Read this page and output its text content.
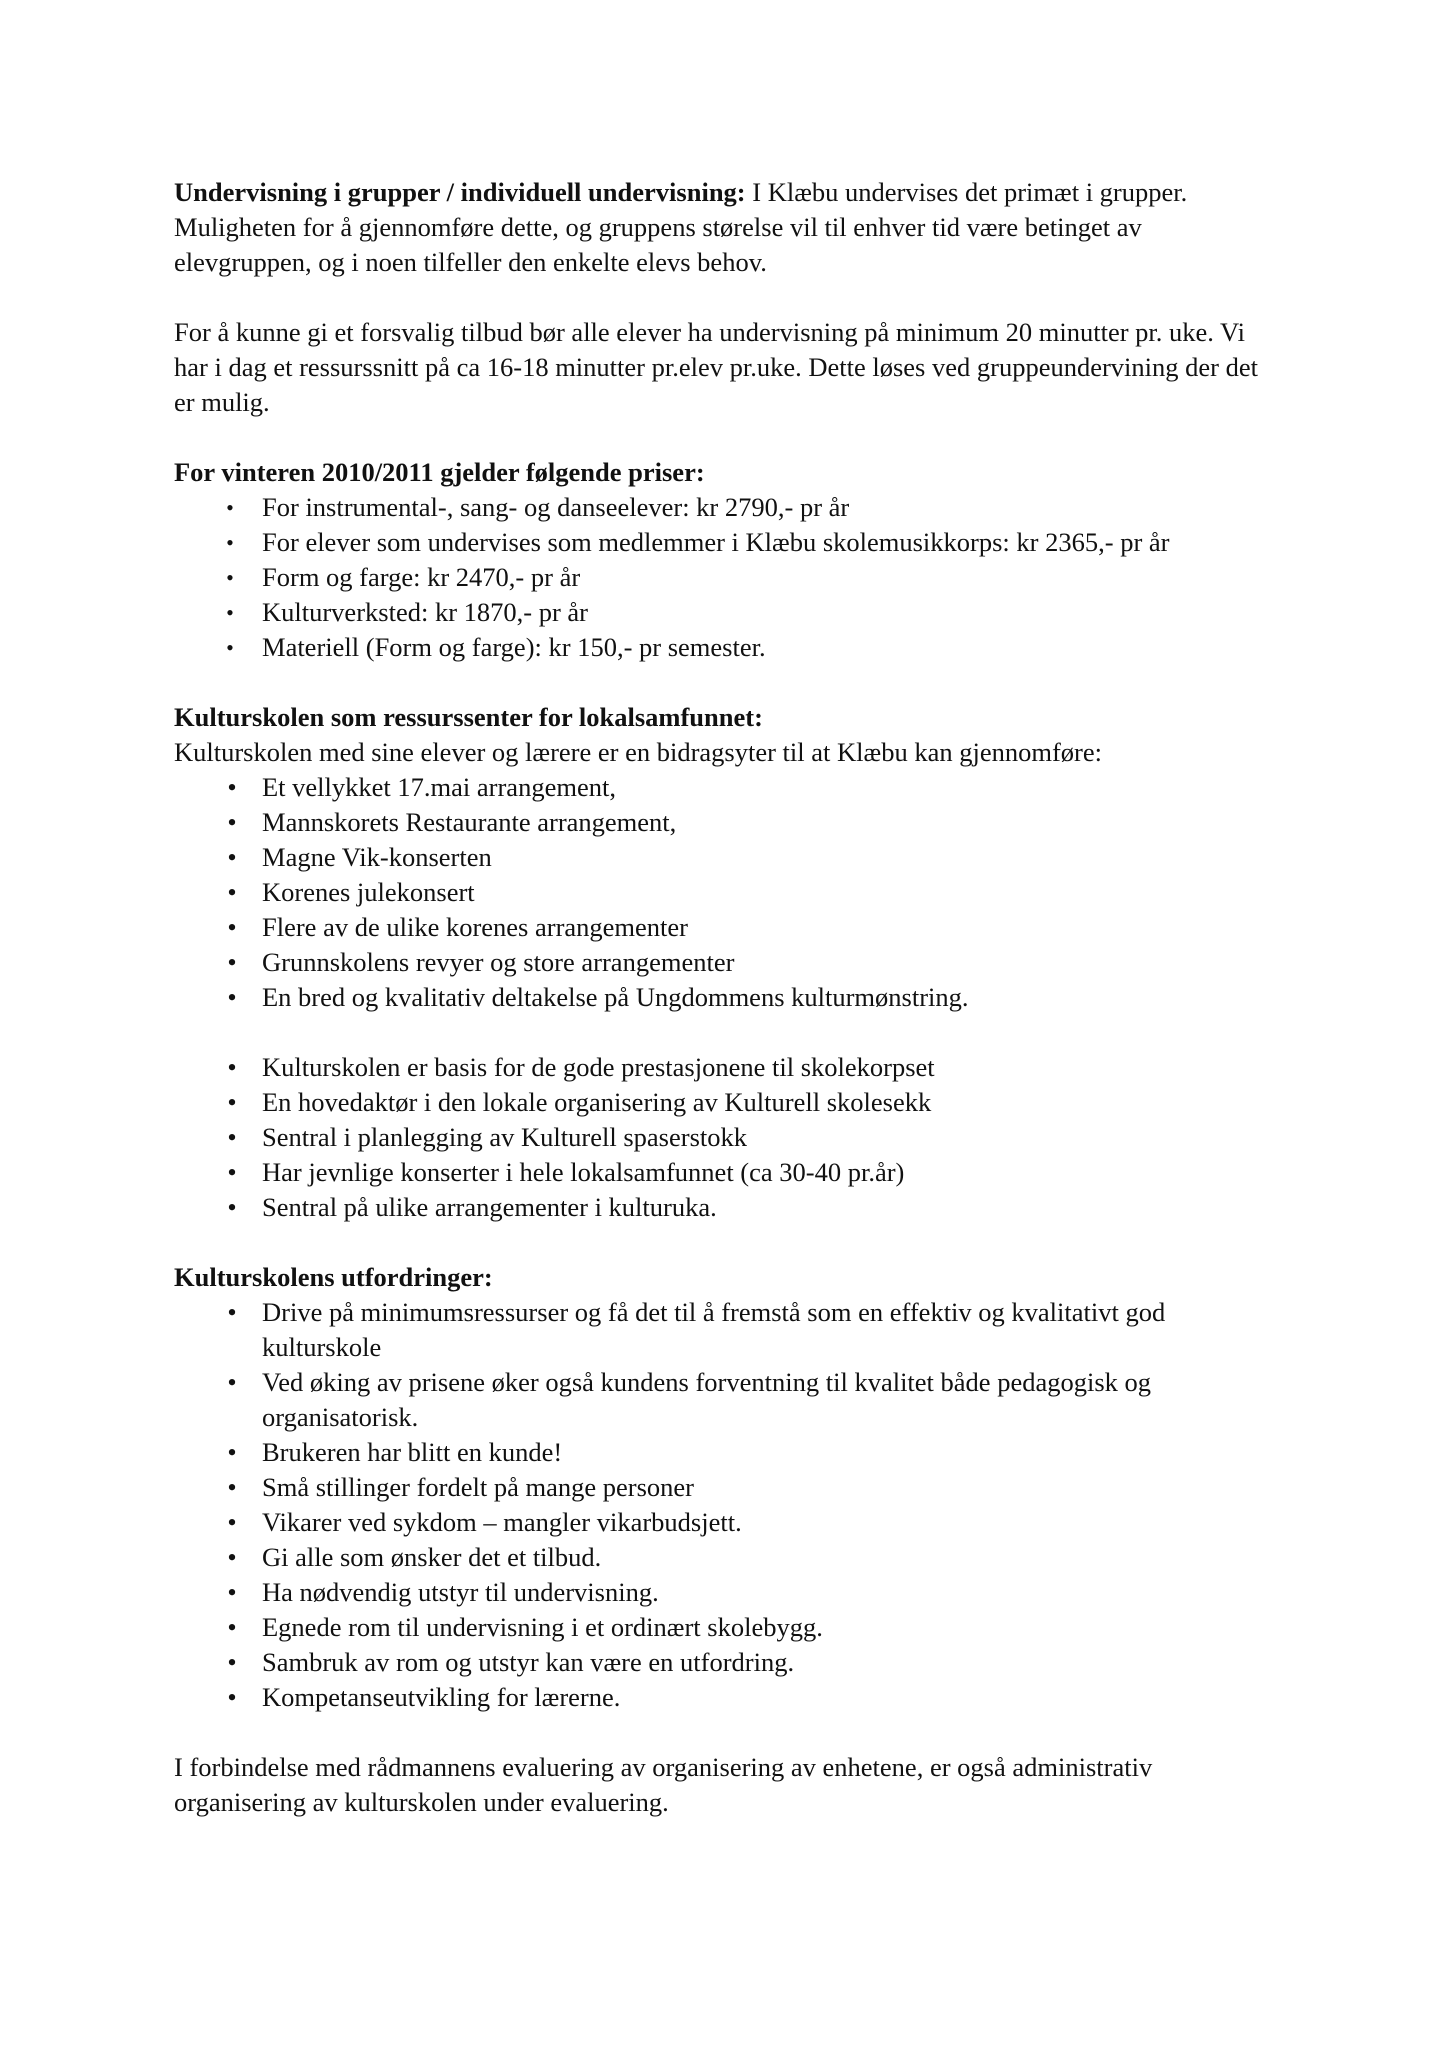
Undervisning i grupper / individuell undervisning: I Klæbu undervises det primæt i grupper. Muligheten for å gjennomføre dette, og gruppens størelse vil til enhver tid være betinget av elevgruppen, og i noen tilfeller den enkelte elevs behov.

For å kunne gi et forsvalig tilbud bør alle elever ha undervisning på minimum 20 minutter pr. uke. Vi har i dag et ressurssnitt på ca 16-18 minutter pr.elev pr.uke. Dette løses ved gruppeundervining der det er mulig.

For vinteren 2010/2011 gjelder følgende priser:

• For instrumental-, sang- og danseelever: kr 2790,- pr år
• For elever som undervises som medlemmer i Klæbu skolemusikkorps: kr 2365,- pr år
• Form og farge: kr 2470,- pr år
• Kulturverksted: kr 1870,- pr år
• Materiell (Form og farge): kr 150,- pr semester.

Kulturskolen som ressurssenter for lokalsamfunnet:

Kulturskolen med sine elever og lærere er en bidragsyter til at Klæbu kan gjennomføre:

• Et vellykket 17.mai arrangement,
• Mannskorets Restaurante arrangement,
• Magne Vik-konserten
• Korenes julekonsert
• Flere av de ulike korenes arrangementer
• Grunnskolens revyer og store arrangementer
• En bred og kvalitativ deltakelse på Ungdommens kulturmønstring.
• Kulturskolen er basis for de gode prestasjonene til skolekorpset
• En hovedaktør i den lokale organisering av Kulturell skolesekk
• Sentral i planlegging av Kulturell spaserstokk
• Har jevnlige konserter i hele lokalsamfunnet (ca 30-40 pr.år)
• Sentral på ulike arrangementer i kulturuka.

Kulturskolens utfordringer:

• Drive på minimumsressurser og få det til å fremstå som en effektiv og kvalitativt god kulturskole
• Ved øking av prisene øker også kundens forventning til kvalitet både pedagogisk og organisatorisk.
• Brukeren har blitt en kunde!
• Små stillinger fordelt på mange personer
• Vikarer ved sykdom – mangler vikarbudsjett.
• Gi alle som ønsker det et tilbud.
• Ha nødvendig utstyr til undervisning.
• Egnede rom til undervisning i et ordinært skolebygg.
• Sambruk av rom og utstyr kan være en utfordring.
• Kompetanseutvikling for lærerne.

I forbindelse med rådmannens evaluering av organisering av enhetene, er også administrativ organisering av kulturskolen under evaluering.
